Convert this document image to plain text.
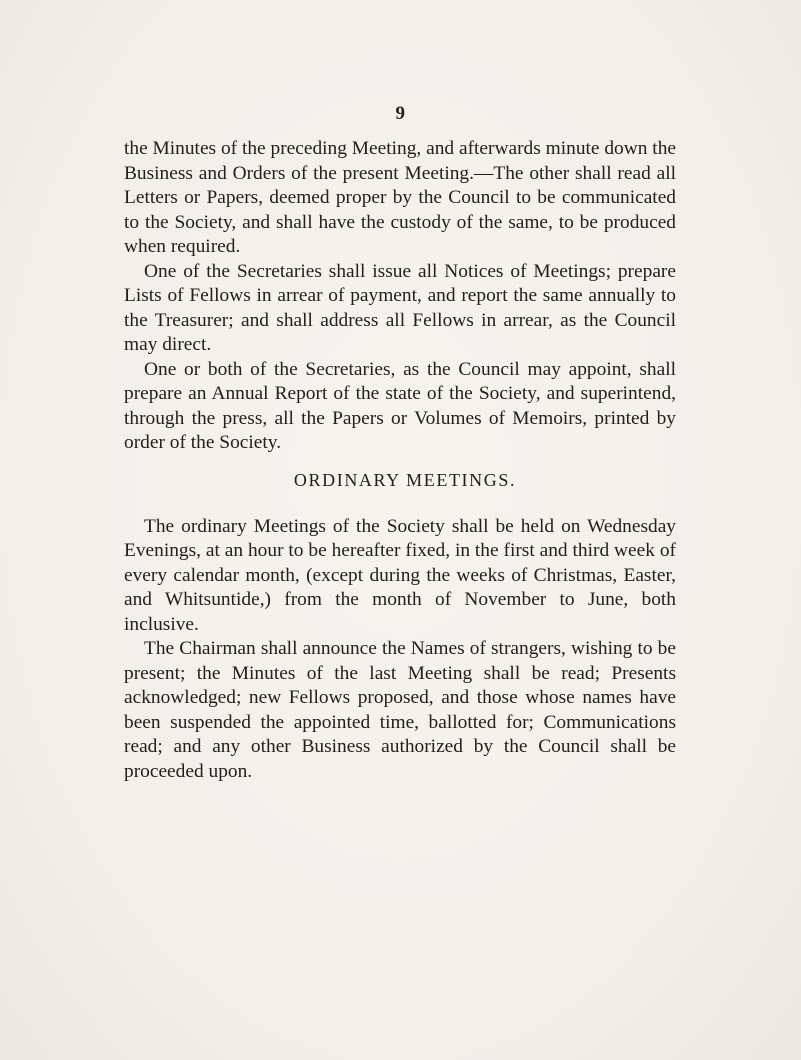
9

the Minutes of the preceding Meeting, and afterwards minute down the Business and Orders of the present Meeting.—The other shall read all Letters or Papers, deemed proper by the Council to be communicated to the Society, and shall have the custody of the same, to be produced when required.

One of the Secretaries shall issue all Notices of Meetings; prepare Lists of Fellows in arrear of payment, and report the same annually to the Treasurer; and shall address all Fellows in arrear, as the Council may direct.

One or both of the Secretaries, as the Council may appoint, shall prepare an Annual Report of the state of the Society, and superintend, through the press, all the Papers or Volumes of Memoirs, printed by order of the Society.

ORDINARY MEETINGS.

The ordinary Meetings of the Society shall be held on Wednesday Evenings, at an hour to be hereafter fixed, in the first and third week of every calendar month, (except during the weeks of Christmas, Easter, and Whitsuntide,) from the month of November to June, both inclusive.

The Chairman shall announce the Names of strangers, wishing to be present; the Minutes of the last Meeting shall be read; Presents acknowledged; new Fellows proposed, and those whose names have been suspended the appointed time, ballotted for; Communications read; and any other Business authorized by the Council shall be proceeded upon.
